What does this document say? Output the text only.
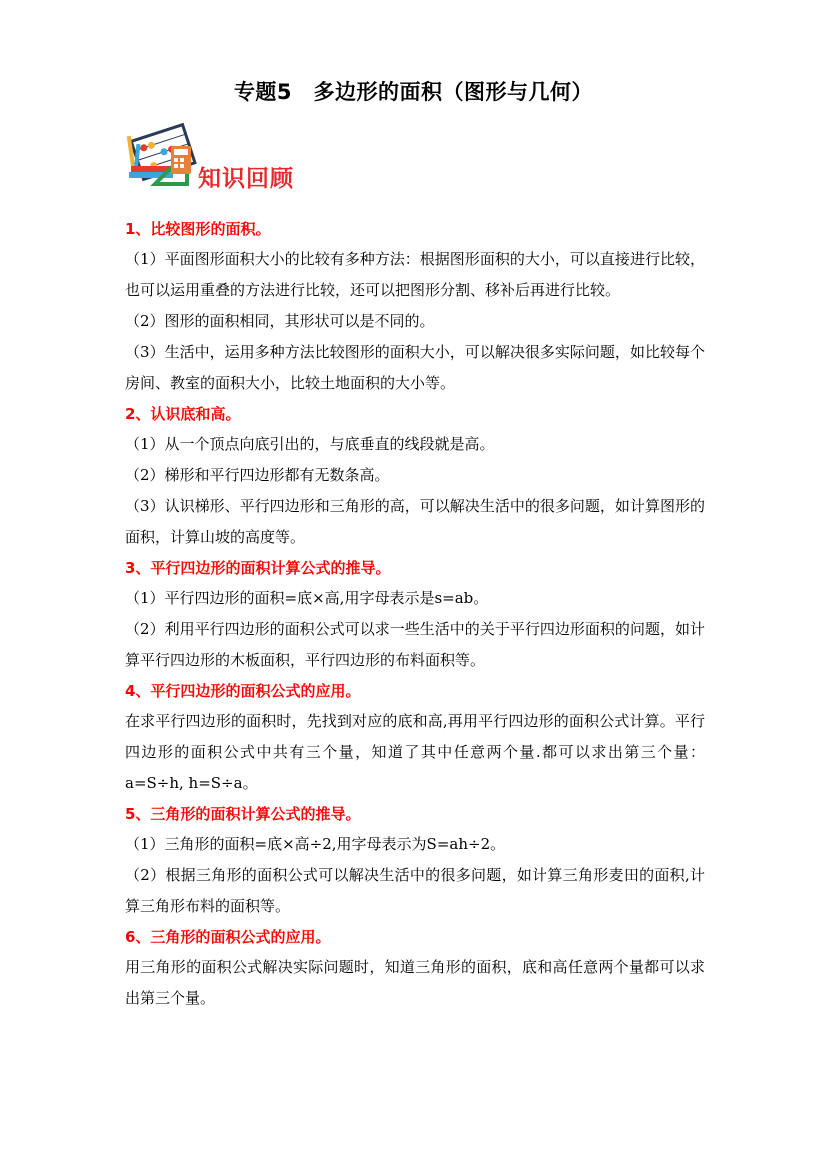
专题5　多边形的面积（图形与几何）
知识回顾

1、比较图形的面积。

（1）平面图形面积大小的比较有多种方法：根据图形面积的大小，可以直接进行比较，也可以运用重叠的方法进行比较，还可以把图形分割、移补后再进行比较。

（2）图形的面积相同，其形状可以是不同的。

（3）生活中，运用多种方法比较图形的面积大小，可以解决很多实际问题，如比较每个房间、教室的面积大小，比较土地面积的大小等。

2、认识底和高。

（1）从一个顶点向底引出的，与底垂直的线段就是高。

（2）梯形和平行四边形都有无数条高。

（3）认识梯形、平行四边形和三角形的高，可以解决生活中的很多问题，如计算图形的面积，计算山坡的高度等。

3、平行四边形的面积计算公式的推导。

（1）平行四边形的面积=底×高,用字母表示是s=ab。

（2）利用平行四边形的面积公式可以求一些生活中的关于平行四边形面积的问题，如计算平行四边形的木板面积，平行四边形的布料面积等。

4、平行四边形的面积公式的应用。

在求平行四边形的面积时，先找到对应的底和高,再用平行四边形的面积公式计算。平行四边形的面积公式中共有三个量，知道了其中任意两个量.都可以求出第三个量：a=S÷h, h=S÷a。

5、三角形的面积计算公式的推导。

（1）三角形的面积=底×高÷2,用字母表示为S=ah÷2。

（2）根据三角形的面积公式可以解决生活中的很多问题，如计算三角形麦田的面积,计算三角形布料的面积等。

6、三角形的面积公式的应用。

用三角形的面积公式解决实际问题时，知道三角形的面积，底和高任意两个量都可以求出第三个量。
